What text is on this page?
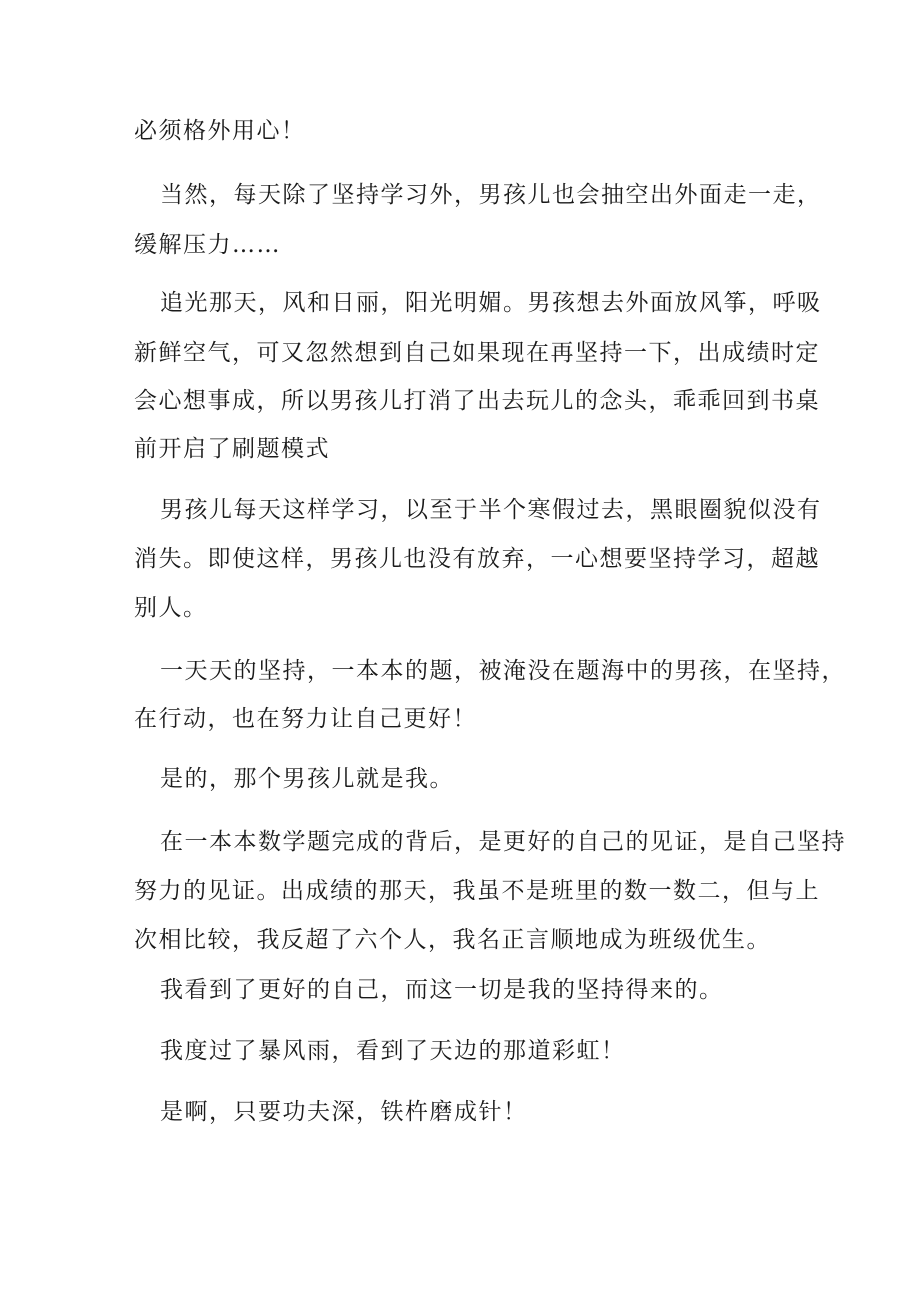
必须格外用心！

当然，每天除了坚持学习外，男孩儿也会抽空出外面走一走，

缓解压力……

追光那天，风和日丽，阳光明媚。男孩想去外面放风筝，呼吸

新鲜空气，可又忽然想到自己如果现在再坚持一下，出成绩时定

会心想事成，所以男孩儿打消了出去玩儿的念头，乖乖回到书桌

前开启了刷题模式

男孩儿每天这样学习，以至于半个寒假过去，黑眼圈貌似没有

消失。即使这样，男孩儿也没有放弃，一心想要坚持学习，超越

别人。

一天天的坚持，一本本的题，被淹没在题海中的男孩，在坚持，

在行动，也在努力让自己更好！

是的，那个男孩儿就是我。

在一本本数学题完成的背后，是更好的自己的见证，是自己坚持

努力的见证。出成绩的那天，我虽不是班里的数一数二，但与上

次相比较，我反超了六个人，我名正言顺地成为班级优生。

我看到了更好的自己，而这一切是我的坚持得来的。

我度过了暴风雨，看到了天边的那道彩虹！

是啊，只要功夫深，铁杵磨成针！
